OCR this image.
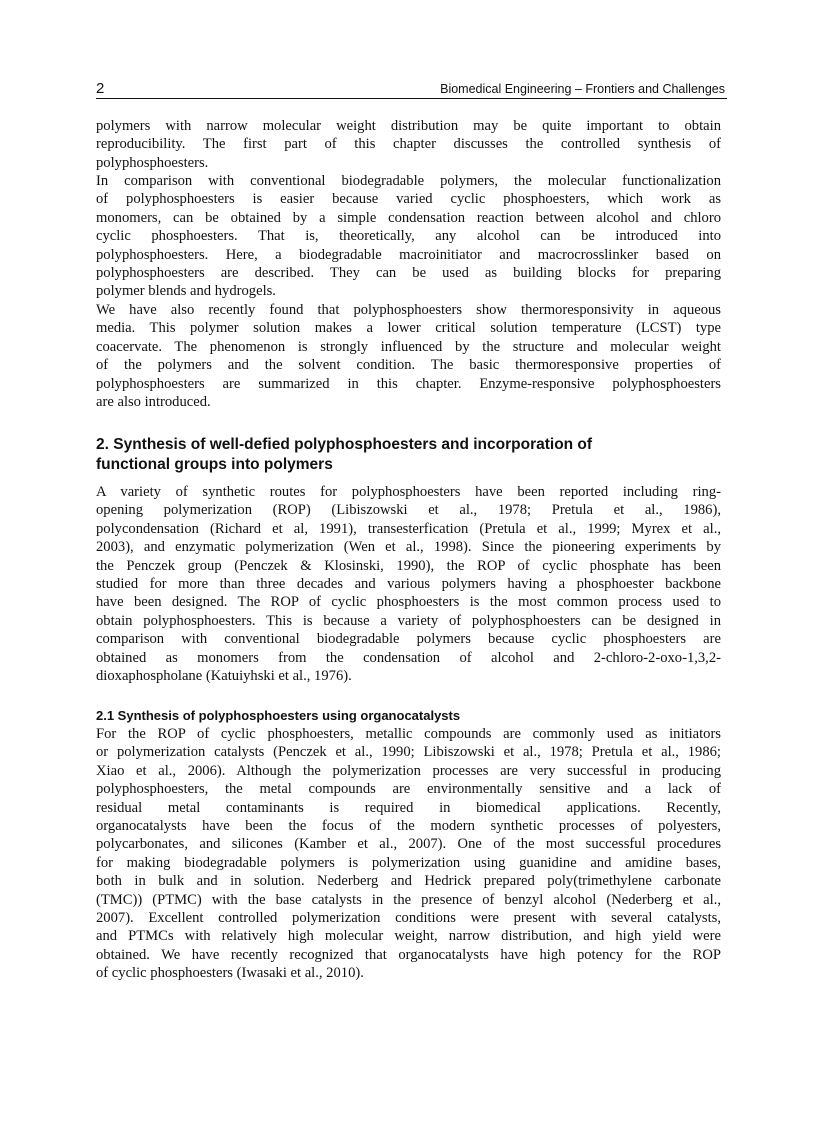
2	Biomedical Engineering – Frontiers and Challenges
polymers with narrow molecular weight distribution may be quite important to obtain
reproducibility. The first part of this chapter discusses the controlled synthesis of
polyphosphoesters.
In comparison with conventional biodegradable polymers, the molecular functionalization
of polyphosphoesters is easier because varied cyclic phosphoesters, which work as
monomers, can be obtained by a simple condensation reaction between alcohol and chloro
cyclic phosphoesters. That is, theoretically, any alcohol can be introduced into
polyphosphoesters. Here, a biodegradable macroinitiator and macrocrosslinker based on
polyphosphoesters are described. They can be used as building blocks for preparing
polymer blends and hydrogels.
We have also recently found that polyphosphoesters show thermoresponsivity in aqueous
media. This polymer solution makes a lower critical solution temperature (LCST) type
coacervate. The phenomenon is strongly influenced by the structure and molecular weight
of the polymers and the solvent condition. The basic thermoresponsive properties of
polyphosphoesters are summarized in this chapter. Enzyme-responsive polyphosphoesters
are also introduced.
2. Synthesis of well-defied polyphosphoesters and incorporation of
functional groups into polymers
A variety of synthetic routes for polyphosphoesters have been reported including ring-
opening polymerization (ROP) (Libiszowski et al., 1978; Pretula et al., 1986),
polycondensation (Richard et al, 1991), transesterfication (Pretula et al., 1999; Myrex et al.,
2003), and enzymatic polymerization (Wen et al., 1998). Since the pioneering experiments by
the Penczek group (Penczek & Klosinski, 1990), the ROP of cyclic phosphate has been
studied for more than three decades and various polymers having a phosphoester backbone
have been designed. The ROP of cyclic phosphoesters is the most common process used to
obtain polyphosphoesters. This is because a variety of polyphosphoesters can be designed in
comparison with conventional biodegradable polymers because cyclic phosphoesters are
obtained as monomers from the condensation of alcohol and 2-chloro-2-oxo-1,3,2-
dioxaphospholane (Katuiyhski et al., 1976).
2.1 Synthesis of polyphosphoesters using organocatalysts
For the ROP of cyclic phosphoesters, metallic compounds are commonly used as initiators
or polymerization catalysts (Penczek et al., 1990; Libiszowski et al., 1978; Pretula et al., 1986;
Xiao et al., 2006). Although the polymerization processes are very successful in producing
polyphosphoesters, the metal compounds are environmentally sensitive and a lack of
residual metal contaminants is required in biomedical applications. Recently,
organocatalysts have been the focus of the modern synthetic processes of polyesters,
polycarbonates, and silicones (Kamber et al., 2007). One of the most successful procedures
for making biodegradable polymers is polymerization using guanidine and amidine bases,
both in bulk and in solution. Nederberg and Hedrick prepared poly(trimethylene carbonate
(TMC)) (PTMC) with the base catalysts in the presence of benzyl alcohol (Nederberg et al.,
2007). Excellent controlled polymerization conditions were present with several catalysts,
and PTMCs with relatively high molecular weight, narrow distribution, and high yield were
obtained. We have recently recognized that organocatalysts have high potency for the ROP
of cyclic phosphoesters (Iwasaki et al., 2010).
